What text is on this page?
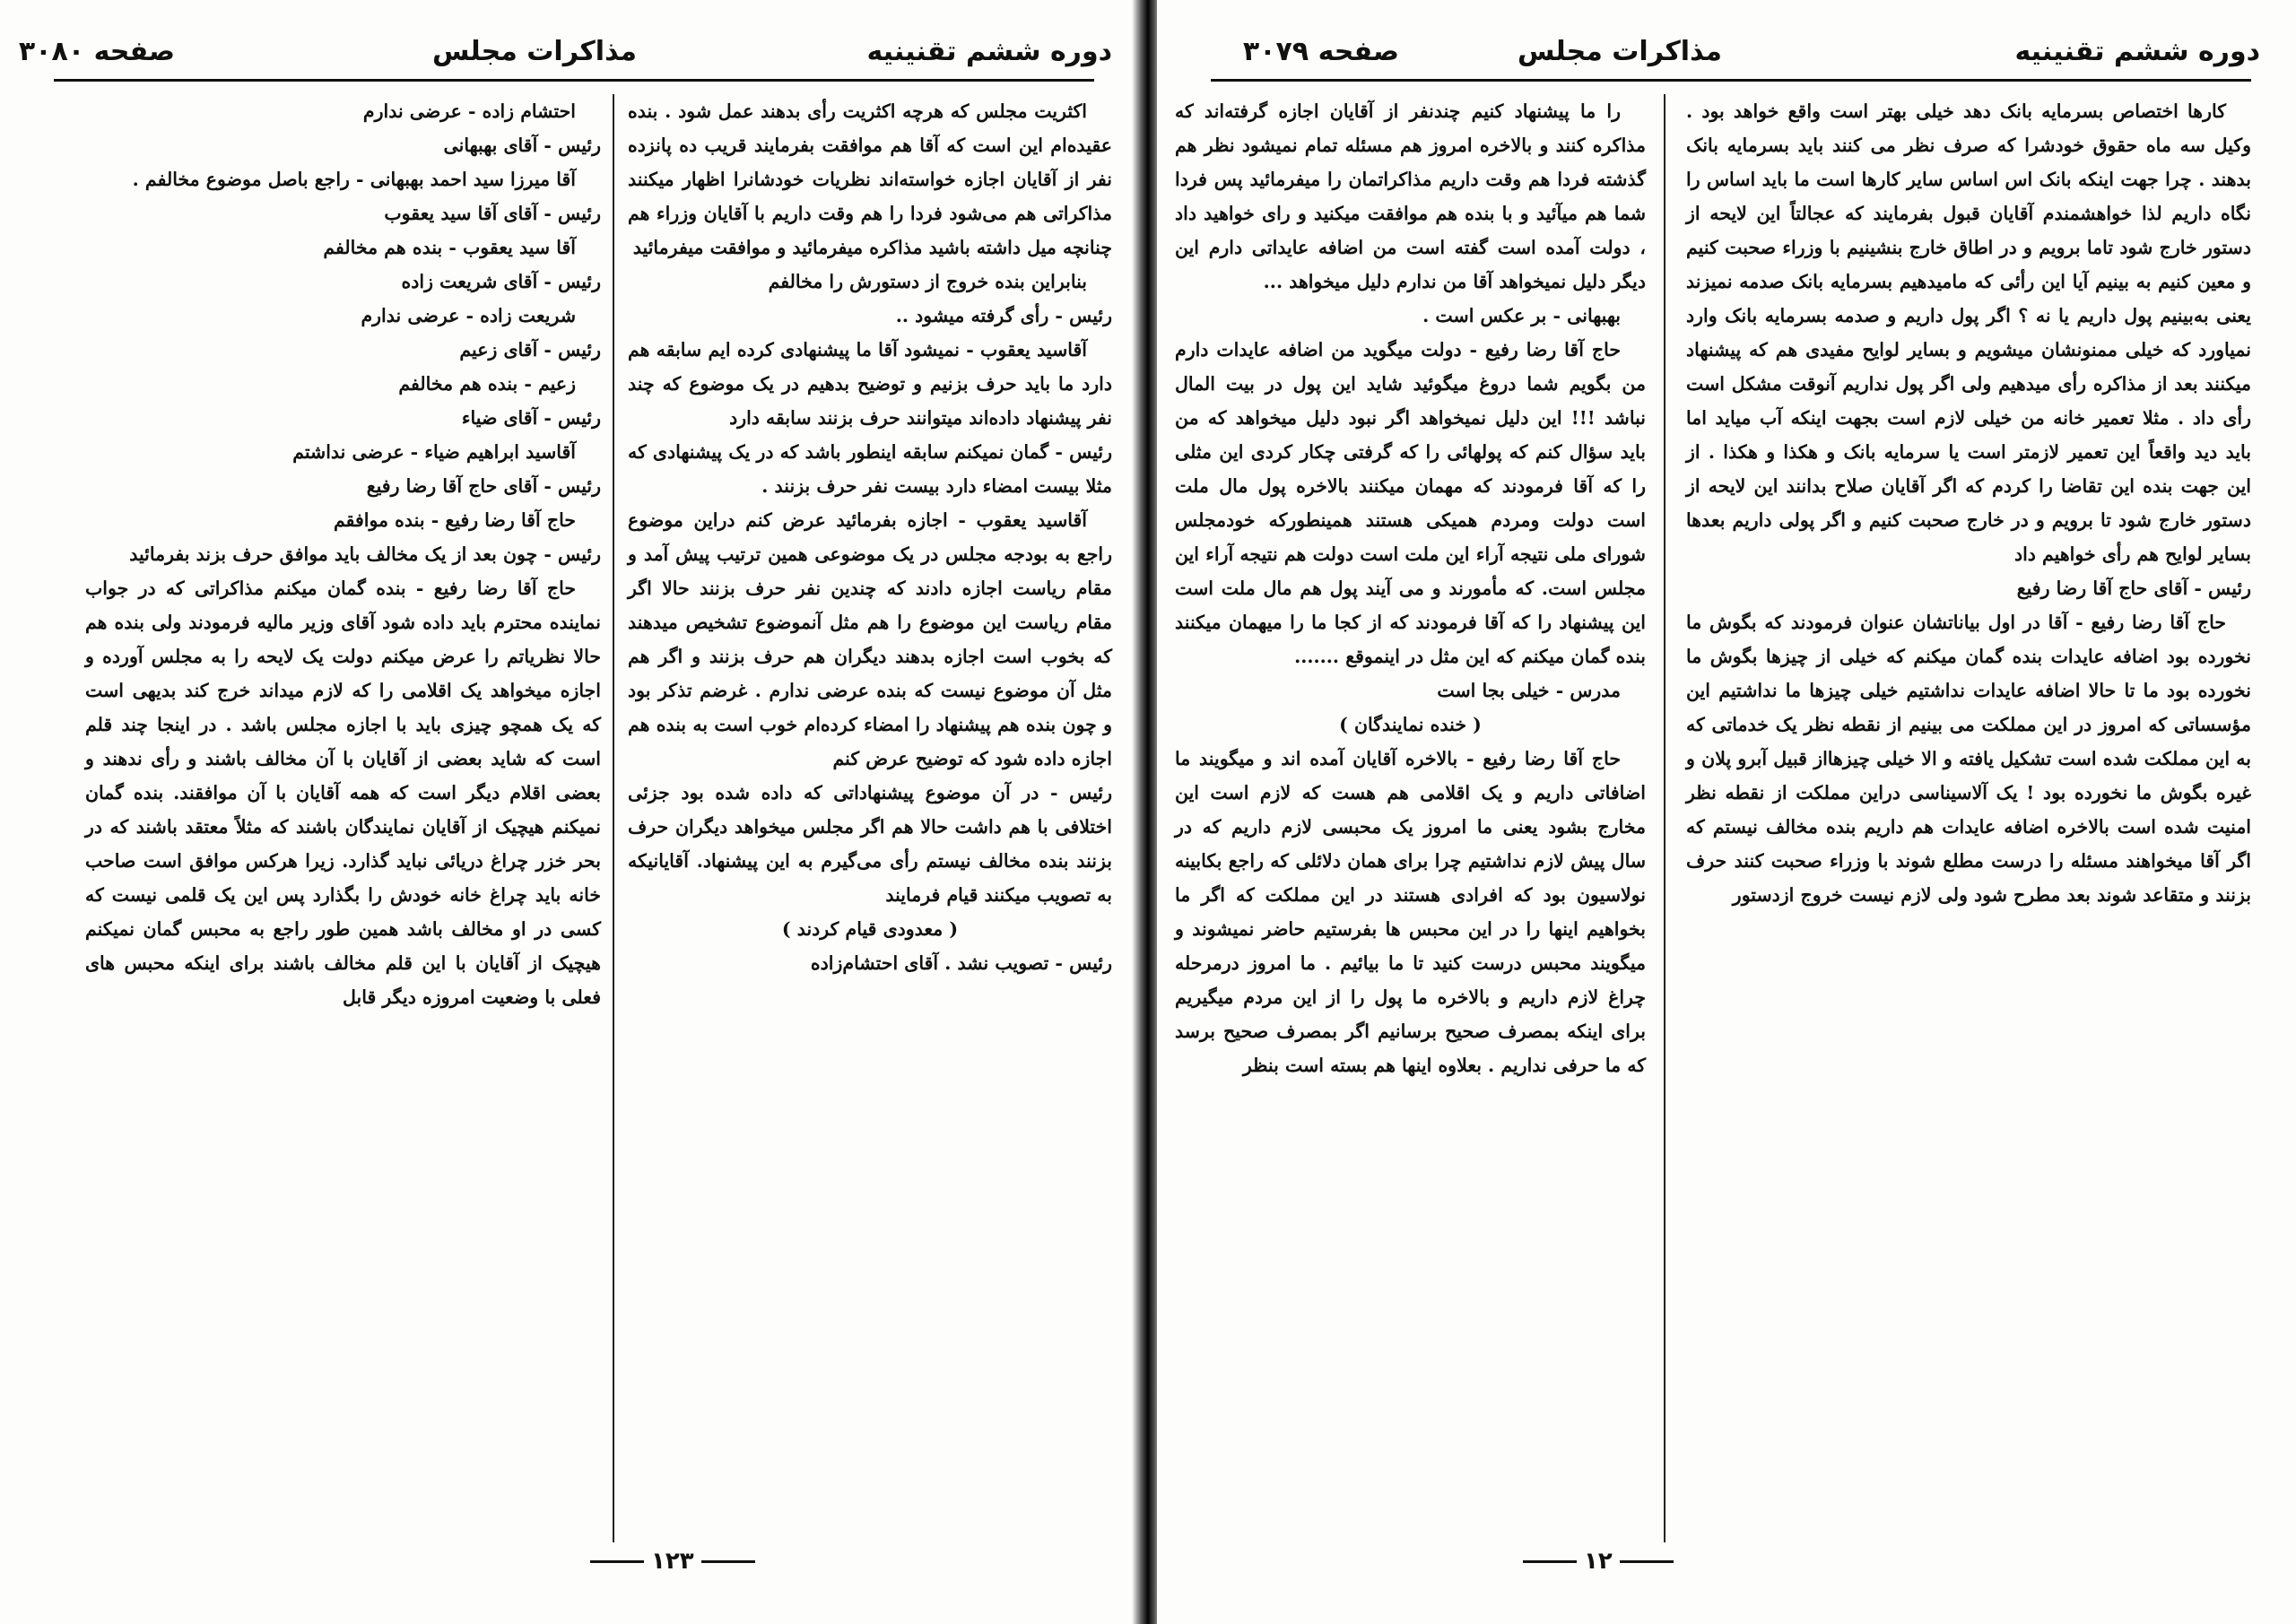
دوره ششم تقنینیه
مذاکرات مجلس
صفحه ۳۰۸۰

اکثریت مجلس که هرچه اکثریت رأی بدهند عمل شود . بنده عقیده‌ام این است که آقا هم موافقت بفرمایند قریب ده پانزده نفر از آقایان اجازه خواسته‌اند نظریات خودشانرا اظهار میکنند مذاکراتی هم می‌شود فردا را هم وقت داریم با آقایان وزراء هم چنانچه میل داشته باشید مذاکره میفرمائید و موافقت میفرمائید

بنابراین بنده خروج از دستورش را مخالفم

رئیس - رأی گرفته میشود ..

آقاسید یعقوب - نمیشود آقا ما پیشنهادی کرده ایم سابقه هم دارد ما باید حرف بزنیم و توضیح بدهیم در یک موضوع که چند نفر پیشنهاد داده‌اند میتوانند حرف بزنند سابقه دارد

رئیس - گمان نمیکنم سابقه اینطور باشد که در یک پیشنهادی که مثلا بیست امضاء دارد بیست نفر حرف بزنند .

آقاسید یعقوب - اجازه بفرمائید عرض کنم دراین موضوع راجع به بودجه مجلس در یک موضوعی همین ترتیب پیش آمد و مقام ریاست اجازه دادند که چندین نفر حرف بزنند حالا اگر مقام ریاست این موضوع را هم مثل آنموضوع تشخیص میدهند که بخوب است اجازه بدهند دیگران هم حرف بزنند و اگر هم مثل آن موضوع نیست که بنده عرضی ندارم . غرضم تذکر بود و چون بنده هم پیشنهاد را امضاء کرده‌ام خوب است به بنده هم اجازه داده شود که توضیح عرض کنم

رئیس - در آن موضوع پیشنهاداتی که داده شده بود جزئی اختلافی با هم داشت حالا هم اگر مجلس میخواهد دیگران حرف بزنند بنده مخالف نیستم رأی می‌گیرم به این پیشنهاد. آقایانیکه به تصویب میکنند قیام فرمایند

( معدودی قیام کردند )

رئیس - تصویب نشد . آقای احتشام‌زاده

احتشام زاده - عرضی ندارم

رئیس - آقای بهبهانی

آقا میرزا سید احمد بهبهانی - راجع باصل موضوع مخالفم .

رئیس - آقای آقا سید یعقوب

آقا سید یعقوب - بنده هم مخالفم

رئیس - آقای شریعت زاده

شریعت زاده - عرضی ندارم

رئیس - آقای زعیم

زعیم - بنده هم مخالفم

رئیس - آقای ضیاء

آقاسید ابراهیم ضیاء - عرضی نداشتم

رئیس - آقای حاج آقا رضا رفیع

حاج آقا رضا رفیع - بنده موافقم

رئیس - چون بعد از یک مخالف باید موافق حرف بزند بفرمائید

حاج آقا رضا رفیع - بنده گمان میکنم مذاکراتی که در جواب نماینده محترم باید داده شود آقای وزیر مالیه فرمودند ولی بنده هم حالا نظریاتم را عرض میکنم دولت یک لایحه را به مجلس آورده و اجازه میخواهد یک اقلامی را که لازم میداند خرج کند بدیهی است که یک همچو چیزی باید با اجازه مجلس باشد . در اینجا چند قلم است که شاید بعضی از آقایان با آن مخالف باشند و رأی ندهند و بعضی اقلام دیگر است که همه آقایان با آن موافقند. بنده گمان نمیکنم هیچیک از آقایان نمایندگان باشند که مثلاً معتقد باشند که در بحر خزر چراغ دریائی نباید گذارد. زیرا هرکس موافق است صاحب خانه باید چراغ خانه خودش را بگذارد پس این یک قلمی نیست که کسی در او مخالف باشد همین طور راجع به محبس گمان نمیکنم هیچیک از آقایان با این قلم مخالف باشند برای اینکه محبس های فعلی با وضعیت امروزه دیگر قابل

۱۲۳
دوره ششم تقنینیه
مذاکرات مجلس
صفحه ۳۰۷۹

کارها اختصاص بسرمایه بانک دهد خیلی بهتر است واقع خواهد بود . وکیل سه ماه حقوق خودشرا که صرف نظر می کنند باید بسرمایه بانک بدهند . چرا جهت اینکه بانک اس اساس سایر کارها است ما باید اساس را نگاه داریم لذا خواهشمندم آقایان قبول بفرمایند که عجالتاً این لایحه از دستور خارج شود تاما برویم و در اطاق خارج بنشینیم با وزراء صحبت کنیم و معین کنیم به بینیم آیا این رأئی که مامیدهیم بسرمایه بانک صدمه نمیزند یعنی به‌بینیم پول داریم یا نه ؟ اگر پول داریم و صدمه بسرمایه بانک وارد نمیاورد که خیلی ممنونشان میشویم و بسایر لوایح مفیدی هم که پیشنهاد میکنند بعد از مذاکره رأی میدهیم ولی اگر پول نداریم آنوقت مشکل است رأی داد . مثلا تعمیر خانه من خیلی لازم است بجهت اینکه آب میاید اما باید دید واقعاً این تعمیر لازمتر است یا سرمایه بانک و هکذا و هکذا . از این جهت بنده این تقاضا را کردم که اگر آقایان صلاح بدانند این لایحه از دستور خارج شود تا برویم و در خارج صحبت کنیم و اگر پولی داریم بعدها بسایر لوایح هم رأی خواهیم داد

رئیس - آقای حاج آقا رضا رفیع

حاج آقا رضا رفیع - آقا در اول بیاناتشان عنوان فرمودند که بگوش ما نخورده بود اضافه عایدات بنده گمان میکنم که خیلی از چیزها بگوش ما نخورده بود ما تا حالا اضافه عایدات نداشتیم خیلی چیزها ما نداشتیم این مؤسساتی که امروز در این مملکت می بینیم از نقطه نظر یک خدماتی که به این مملکت شده است تشکیل یافته و الا خیلی چیزهااز قبیل آبرو پلان و غیره بگوش ما نخورده بود ! یک آلاسیناسی دراین مملکت از نقطه نظر امنیت شده است بالاخره اضافه عایدات هم داریم بنده مخالف نیستم که اگر آقا میخواهند مسئله را درست مطلع شوند با وزراء صحبت کنند حرف بزنند و متقاعد شوند بعد مطرح شود ولی لازم نیست خروج ازدستور

را ما پیشنهاد کنیم چندنفر از آقایان اجازه گرفته‌اند که مذاکره کنند و بالاخره امروز هم مسئله تمام نمیشود نظر هم گذشته فردا هم وقت داریم مذاکراتمان را میفرمائید پس فردا شما هم میآئید و با بنده هم موافقت میکنید و رای خواهید داد ، دولت آمده است گفته است من اضافه عایداتی دارم این دیگر دلیل نمیخواهد آقا من ندارم دلیل میخواهد ...

بهبهانی - بر عکس است .

حاج آقا رضا رفیع - دولت میگوید من اضافه عایدات دارم من بگویم شما دروغ میگوئید شاید این پول در بیت المال نباشد !!! این دلیل نمیخواهد اگر نبود دلیل میخواهد که من باید سؤال کنم که پولهائی را که گرفتی چکار کردی این مثلی را که آقا فرمودند که مهمان میکنند بالاخره پول مال ملت است دولت ومردم همیکی هستند همینطورکه خودمجلس شورای ملی نتیجه آراء این ملت است دولت هم نتیجه آراء این مجلس است. که مأمورند و می آیند پول هم مال ملت است این پیشنهاد را که آقا فرمودند که از کجا ما را میهمان میکنند بنده گمان میکنم که این مثل در اینموقع .......

مدرس - خیلی بجا است

( خنده نمایندگان )

حاج آقا رضا رفیع - بالاخره آقایان آمده اند و میگویند ما اضافاتی داریم و یک اقلامی هم هست که لازم است این مخارج بشود یعنی ما امروز یک محبسی لازم داریم که در سال پیش لازم نداشتیم چرا برای همان دلائلی که راجع بکابینه نولاسیون بود که افرادی هستند در این مملکت که اگر ما بخواهیم اینها را در این محبس ها بفرستیم حاضر نمیشوند و میگویند محبس درست کنید تا ما بیائیم . ما امروز درمرحله چراغ لازم داریم و بالاخره ما پول را از این مردم میگیریم برای اینکه بمصرف صحیح برسانیم اگر بمصرف صحیح برسد که ما حرفی نداریم . بعلاوه اینها هم بسته است بنظر

۱۲
